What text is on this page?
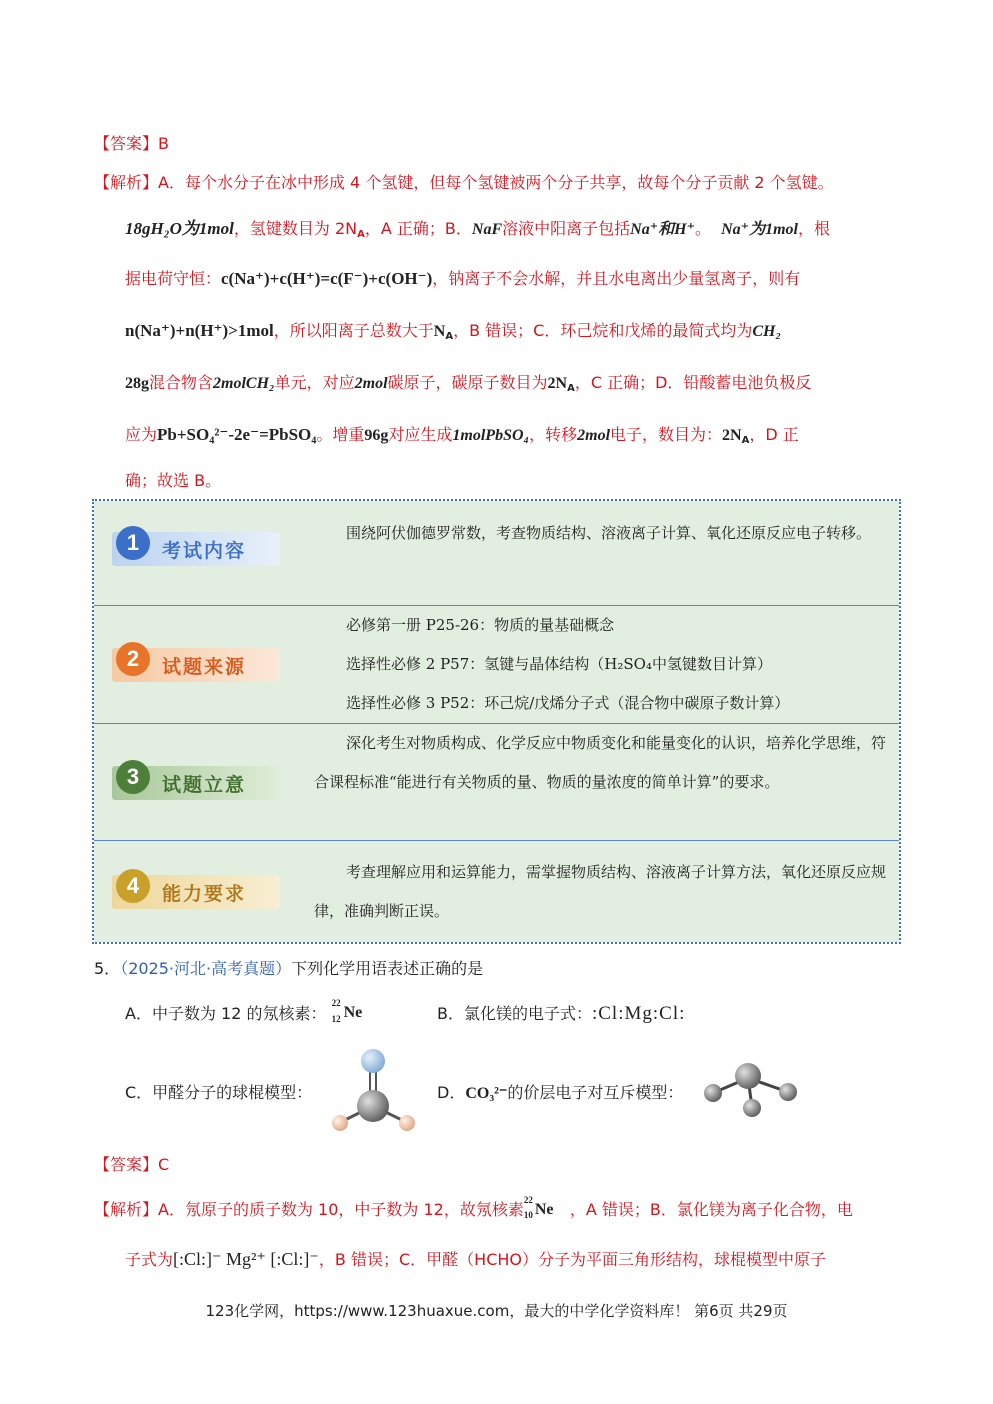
【答案】B
【解析】A．每个水分子在冰中形成 4 个氢键，但每个氢键被两个分子共享，故每个分子贡献 2 个氢键。
18gH₂O为1mol，氢键数目为 $2N_A$，A 正确；B．NaF溶液中阳离子包括Na⁺和H⁺。 Na⁺为1mol，根
据电荷守恒：c(Na⁺)+c(H⁺)=c(F⁻)+c(OH⁻)，钠离子不会水解，并且水电离出少量氢离子，则有
n(Na⁺)+n(H⁺)>1mol，所以阳离子总数大于$N_A$，B 错误；C．环己烷和戊烯的最简式均为CH₂
28g混合物含2molCH₂单元，对应2mol碳原子，碳原子数目为$2N_A$，C 正确；D．铅酸蓄电池负极反
应为Pb+SO₄²⁻-2e⁻=PbSO₄。增重96g对应生成1molPbSO₄，转移2mol电子，数目为：$2N_A$，D 正
确；故选 B。
1	考试内容
围绕阿伏伽德罗常数，考查物质结构、溶液离子计算、氧化还原反应电子转移。
2	试题来源
必修第一册 P25-26：物质的量基础概念
选择性必修 2 P57：氢键与晶体结构（H₂SO₄中氢键数目计算）
选择性必修 3 P52：环己烷/戊烯分子式（混合物中碳原子数计算）
3	试题立意
深化考生对物质构成、化学反应中物质变化和能量变化的认识，培养化学思维，符合课程标准“能进行有关物质的量、物质的量浓度的简单计算”的要求。
4	能力要求
考查理解应用和运算能力，需掌握物质结构、溶液离子计算方法，氧化还原反应规律，准确判断正误。
5．（2025·河北·高考真题）下列化学用语表述正确的是
A．中子数为 12 的氖核素：
22
12 Ne	B．氯化镁的电子式：:Cl:Mg:Cl:
C．甲醛分子的球棍模型：	D．CO₃²⁻的价层电子对互斥模型：
【答案】C
【解析】A．氖原子的质子数为 10，中子数为 12，故氖核素
22
10 Ne ，A 错误；B．氯化镁为离子化合物，电
子式为[:Cl:]⁻ Mg²⁺ [:Cl:]⁻，B 错误；C．甲醛（HCHO）分子为平面三角形结构，球棍模型中原子
123化学网，https://www.123huaxue.com，最大的中学化学资料库！ 第6页 共29页
